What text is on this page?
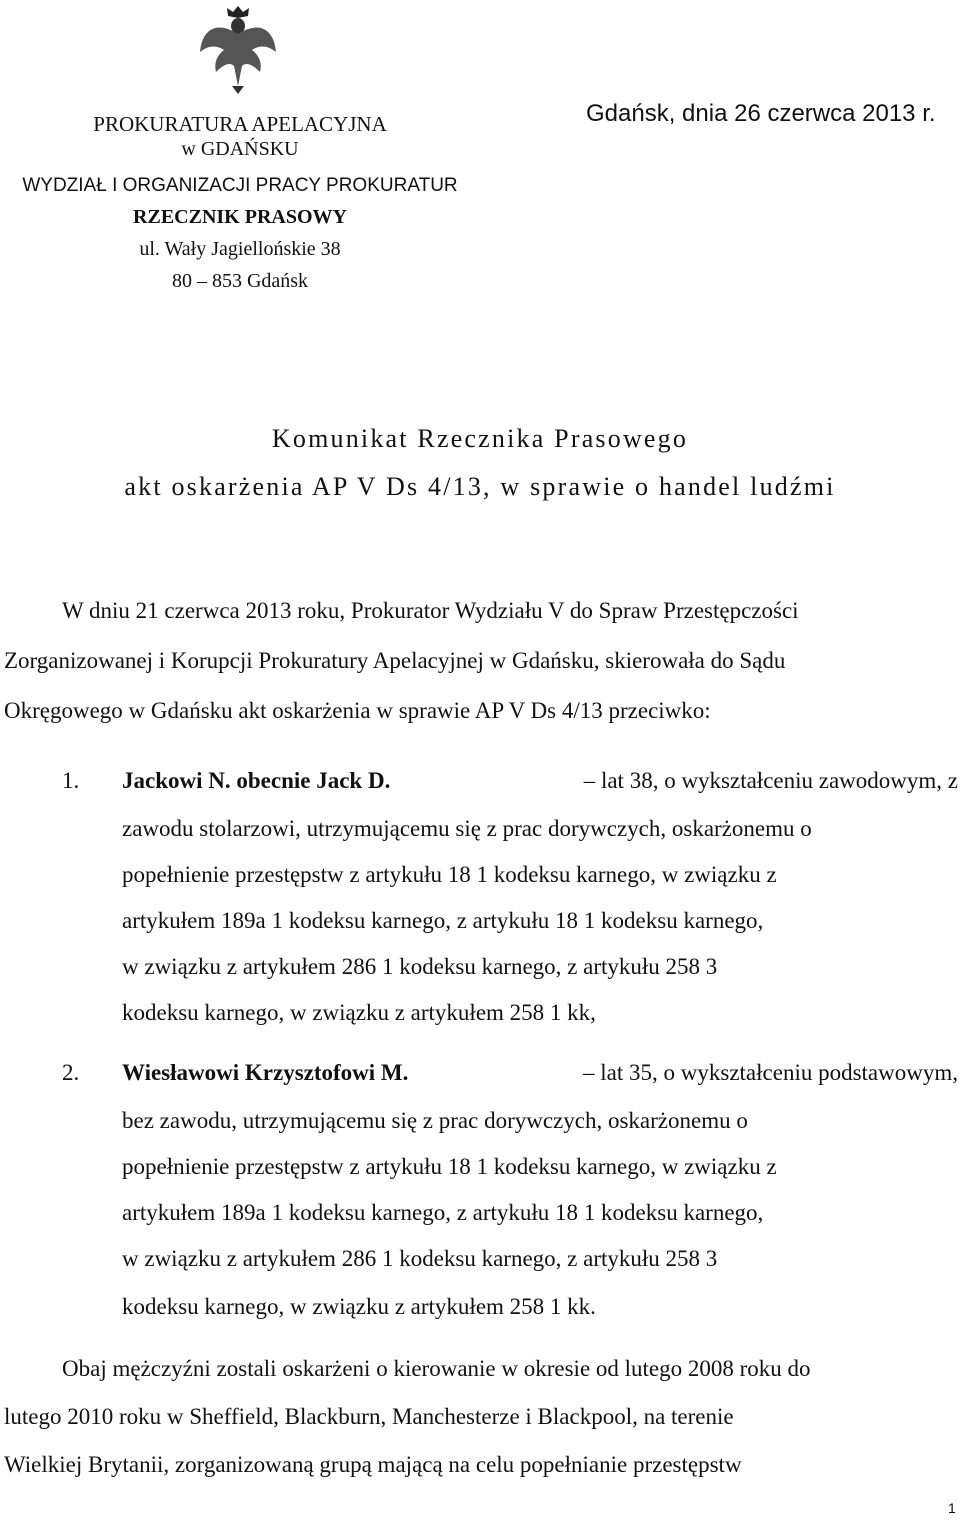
PROKURATURA APELACYJNA
w GDAŃSKU
WYDZIAŁ I ORGANIZACJI PRACY PROKURATUR
RZECZNIK PRASOWY
ul. Wały Jagiellońskie 38
80 – 853 Gdańsk
Gdańsk, dnia 26 czerwca 2013 r.
Komunikat Rzecznika Prasowego
akt oskarżenia AP V Ds 4/13, w sprawie o handel ludźmi
W dniu 21 czerwca 2013 roku, Prokurator Wydziału V do Spraw Przestępczości
Zorganizowanej i Korupcji Prokuratury Apelacyjnej w Gdańsku, skierowała do Sądu
Okręgowego w Gdańsku akt oskarżenia w sprawie AP V Ds 4/13 przeciwko:
1. Jackowi N. obecnie Jack D.	– lat 38, o wykształceniu zawodowym, z
zawodu stolarzowi, utrzymującemu się z prac dorywczych, oskarżonemu o
popełnienie przestępstw z artykułu 18 1 kodeksu karnego, w związku z
artykułem 189a 1 kodeksu karnego, z artykułu 18 1 kodeksu karnego,
w związku z artykułem 286 1 kodeksu karnego, z artykułu 258 3
kodeksu karnego, w związku z artykułem 258 1 kk,
2. Wiesławowi Krzysztofowi M.	– lat 35, o wykształceniu podstawowym,
bez zawodu, utrzymującemu się z prac dorywczych, oskarżonemu o
popełnienie przestępstw z artykułu 18 1 kodeksu karnego, w związku z
artykułem 189a 1 kodeksu karnego, z artykułu 18 1 kodeksu karnego,
w związku z artykułem 286 1 kodeksu karnego, z artykułu 258 3
kodeksu karnego, w związku z artykułem 258 1 kk.
Obaj mężczyźni zostali oskarżeni o kierowanie w okresie od lutego 2008 roku do
lutego 2010 roku w Sheffield, Blackburn, Manchesterze i Blackpool, na terenie
Wielkiej Brytanii, zorganizowaną grupą mającą na celu popełnianie przestępstw
1
